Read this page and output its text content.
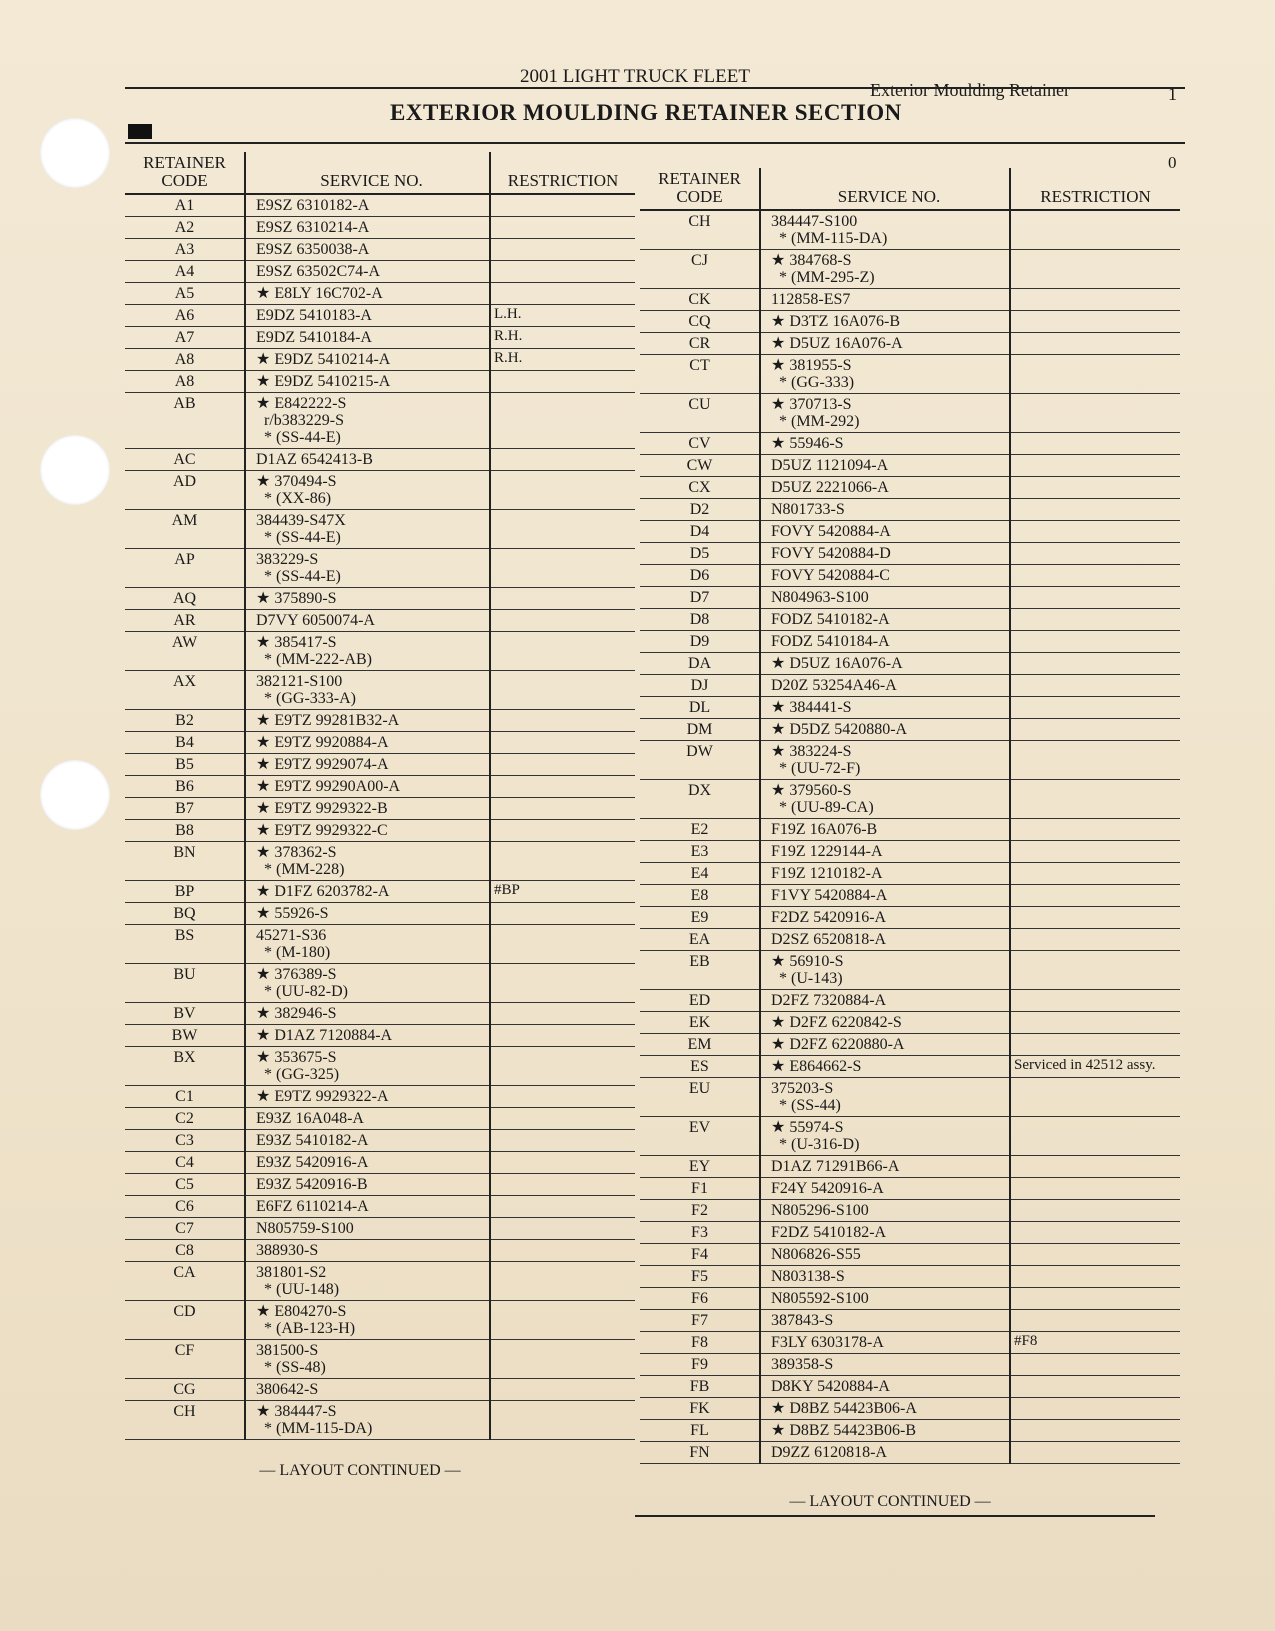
2001 LIGHT TRUCK FLEET
Exterior Moulding Retainer	1
EXTERIOR MOULDING RETAINER SECTION
0
RETAINER CODE	SERVICE NO.	RESTRICTION
A1	E9SZ 6310182-A	
A2	E9SZ 6310214-A	
A3	E9SZ 6350038-A	
A4	E9SZ 63502C74-A	
A5	★ E8LY 16C702-A	
A6	E9DZ 5410183-A	L.H.
A7	E9DZ 5410184-A	R.H.
A8	★ E9DZ 5410214-A	R.H.
A8	★ E9DZ 5410215-A	
AB	★ E842222-S
r/b383229-S
* (SS-44-E)	

AC	D1AZ 6542413-B	
AD	★ 370494-S
* (XX-86)	

AM	384439-S47X
* (SS-44-E)	

AP	383229-S
* (SS-44-E)	

AQ	★ 375890-S	
AR	D7VY 6050074-A	
AW	★ 385417-S
* (MM-222-AB)	

AX	382121-S100
* (GG-333-A)	

B2	★ E9TZ 99281B32-A	
B4	★ E9TZ 9920884-A	
B5	★ E9TZ 9929074-A	
B6	★ E9TZ 99290A00-A	
B7	★ E9TZ 9929322-B	
B8	★ E9TZ 9929322-C	
BN	★ 378362-S
* (MM-228)	

BP	★ D1FZ 6203782-A	#BP
BQ	★ 55926-S	
BS	45271-S36
* (M-180)	

BU	★ 376389-S
* (UU-82-D)	

BV	★ 382946-S	
BW	★ D1AZ 7120884-A	
BX	★ 353675-S
* (GG-325)	

C1	★ E9TZ 9929322-A	
C2	E93Z 16A048-A	
C3	E93Z 5410182-A	
C4	E93Z 5420916-A	
C5	E93Z 5420916-B	
C6	E6FZ 6110214-A	
C7	N805759-S100	
C8	388930-S	
CA	381801-S2
* (UU-148)	

CD	★ E804270-S
* (AB-123-H)	

CF	381500-S
* (SS-48)	

CG	380642-S	
CH	★ 384447-S
* (MM-115-DA)	

— LAYOUT CONTINUED —
RETAINER CODE	SERVICE NO.	RESTRICTION
CH	384447-S100
* (MM-115-DA)	

CJ	★ 384768-S
* (MM-295-Z)	

CK	112858-ES7	
CQ	★ D3TZ 16A076-B	
CR	★ D5UZ 16A076-A	
CT	★ 381955-S
* (GG-333)	

CU	★ 370713-S
* (MM-292)	

CV	★ 55946-S	
CW	D5UZ 1121094-A	
CX	D5UZ 2221066-A	
D2	N801733-S	
D4	FOVY 5420884-A	
D5	FOVY 5420884-D	
D6	FOVY 5420884-C	
D7	N804963-S100	
D8	FODZ 5410182-A	
D9	FODZ 5410184-A	
DA	★ D5UZ 16A076-A	
DJ	D20Z 53254A46-A	
DL	★ 384441-S	
DM	★ D5DZ 5420880-A	
DW	★ 383224-S
* (UU-72-F)	

DX	★ 379560-S
* (UU-89-CA)	

E2	F19Z 16A076-B	
E3	F19Z 1229144-A	
E4	F19Z 1210182-A	
E8	F1VY 5420884-A	
E9	F2DZ 5420916-A	
EA	D2SZ 6520818-A	
EB	★ 56910-S
* (U-143)	

ED	D2FZ 7320884-A	
EK	★ D2FZ 6220842-S	
EM	★ D2FZ 6220880-A	
ES	★ E864662-S	Serviced in 42512 assy.
EU	375203-S
* (SS-44)	

EV	★ 55974-S
* (U-316-D)	

EY	D1AZ 71291B66-A	
F1	F24Y 5420916-A	
F2	N805296-S100	
F3	F2DZ 5410182-A	
F4	N806826-S55	
F5	N803138-S	
F6	N805592-S100	
F7	387843-S	
F8	F3LY 6303178-A	#F8
F9	389358-S	
FB	D8KY 5420884-A	
FK	★ D8BZ 54423B06-A	
FL	★ D8BZ 54423B06-B	
FN	D9ZZ 6120818-A	
— LAYOUT CONTINUED —
